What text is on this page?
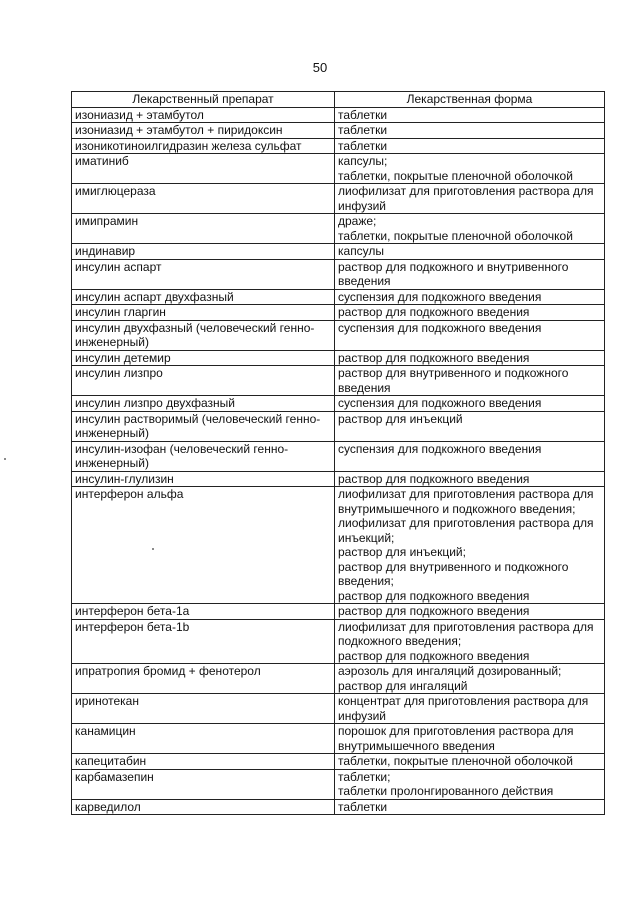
50
Лекарственный препарат	Лекарственная форма
изониазид + этамбутол	таблетки
изониазид + этамбутол + пиридоксин	таблетки
изоникотиноилгидразин железа сульфат	таблетки
иматиниб	капсулы;
таблетки, покрытые пленочной оболочкой
имиглюцераза	лиофилизат для приготовления раствора для инфузий
имипрамин	драже;
таблетки, покрытые пленочной оболочкой
индинавир	капсулы
инсулин аспарт	раствор для подкожного и внутривенного введения
инсулин аспарт двухфазный	суспензия для подкожного введения
инсулин гларгин	раствор для подкожного введения
инсулин двухфазный (человеческий генно-инженерный)	суспензия для подкожного введения
инсулин детемир	раствор для подкожного введения
инсулин лизпро	раствор для внутривенного и подкожного введения
инсулин лизпро двухфазный	суспензия для подкожного введения
инсулин растворимый (человеческий генно-инженерный)	раствор для инъекций
инсулин-изофан (человеческий генно-инженерный)	суспензия для подкожного введения
инсулин-глулизин	раствор для подкожного введения
интерферон альфа	лиофилизат для приготовления раствора для внутримышечного и подкожного введения;
лиофилизат для приготовления раствора для инъекций;
раствор для инъекций;
раствор для внутривенного и подкожного введения;
раствор для подкожного введения
интерферон бета-1а	раствор для подкожного введения
интерферон бета-1b	лиофилизат для приготовления раствора для подкожного введения;
раствор для подкожного введения
ипратропия бромид + фенотерол	аэрозоль для ингаляций дозированный;
раствор для ингаляций
иринотекан	концентрат для приготовления раствора для инфузий
канамицин	порошок для приготовления раствора для внутримышечного введения
капецитабин	таблетки, покрытые пленочной оболочкой
карбамазепин	таблетки;
таблетки пролонгированного действия
карведилол	таблетки
